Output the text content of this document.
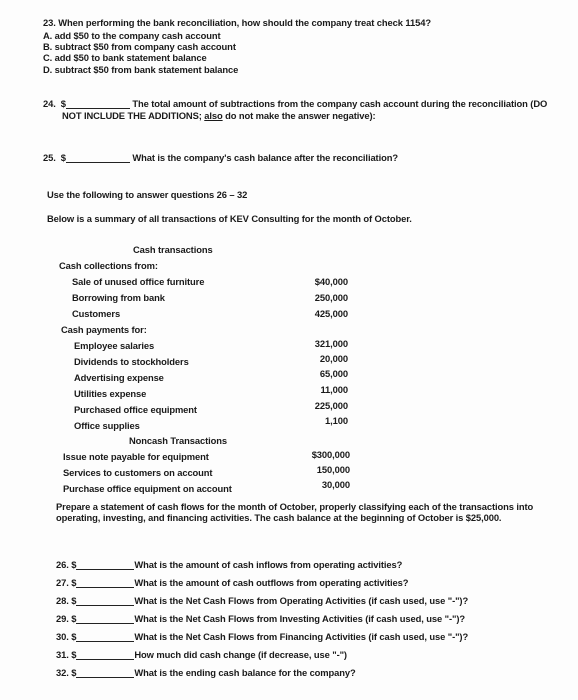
23. When performing the bank reconciliation, how should the company treat check 1154?
A. add $50 to the company cash account
B. subtract $50 from company cash account
C. add $50 to bank statement balance
D. subtract $50 from bank statement balance
24. $	The total amount of subtractions from the company cash account during the reconciliation (DO
NOT INCLUDE THE ADDITIONS; also do not make the answer negative):
25. $	What is the company's cash balance after the reconciliation?
Use the following to answer questions 26 – 32
Below is a summary of all transactions of KEV Consulting for the month of October.
Cash transactions
Cash collections from:
Sale of unused office furniture	$40,000
Borrowing from bank	250,000
Customers	425,000
Cash payments for:
Employee salaries	321,000
Dividends to stockholders	20,000
Advertising expense	65,000
Utilities expense	11,000
Purchased office equipment	225,000
Office supplies	1,100
Noncash Transactions
Issue note payable for equipment	$300,000
Services to customers on account	150,000
Purchase office equipment on account	30,000
Prepare a statement of cash flows for the month of October, properly classifying each of the transactions into
operating, investing, and financing activities. The cash balance at the beginning of October is $25,000.
26. $	What is the amount of cash inflows from operating activities?
27. $	What is the amount of cash outflows from operating activities?
28. $	What is the Net Cash Flows from Operating Activities (if cash used, use "-")?
29. $	What is the Net Cash Flows from Investing Activities (if cash used, use "-")?
30. $	What is the Net Cash Flows from Financing Activities (if cash used, use "-")?
31. $	How much did cash change (if decrease, use "-")
32. $	What is the ending cash balance for the company?
